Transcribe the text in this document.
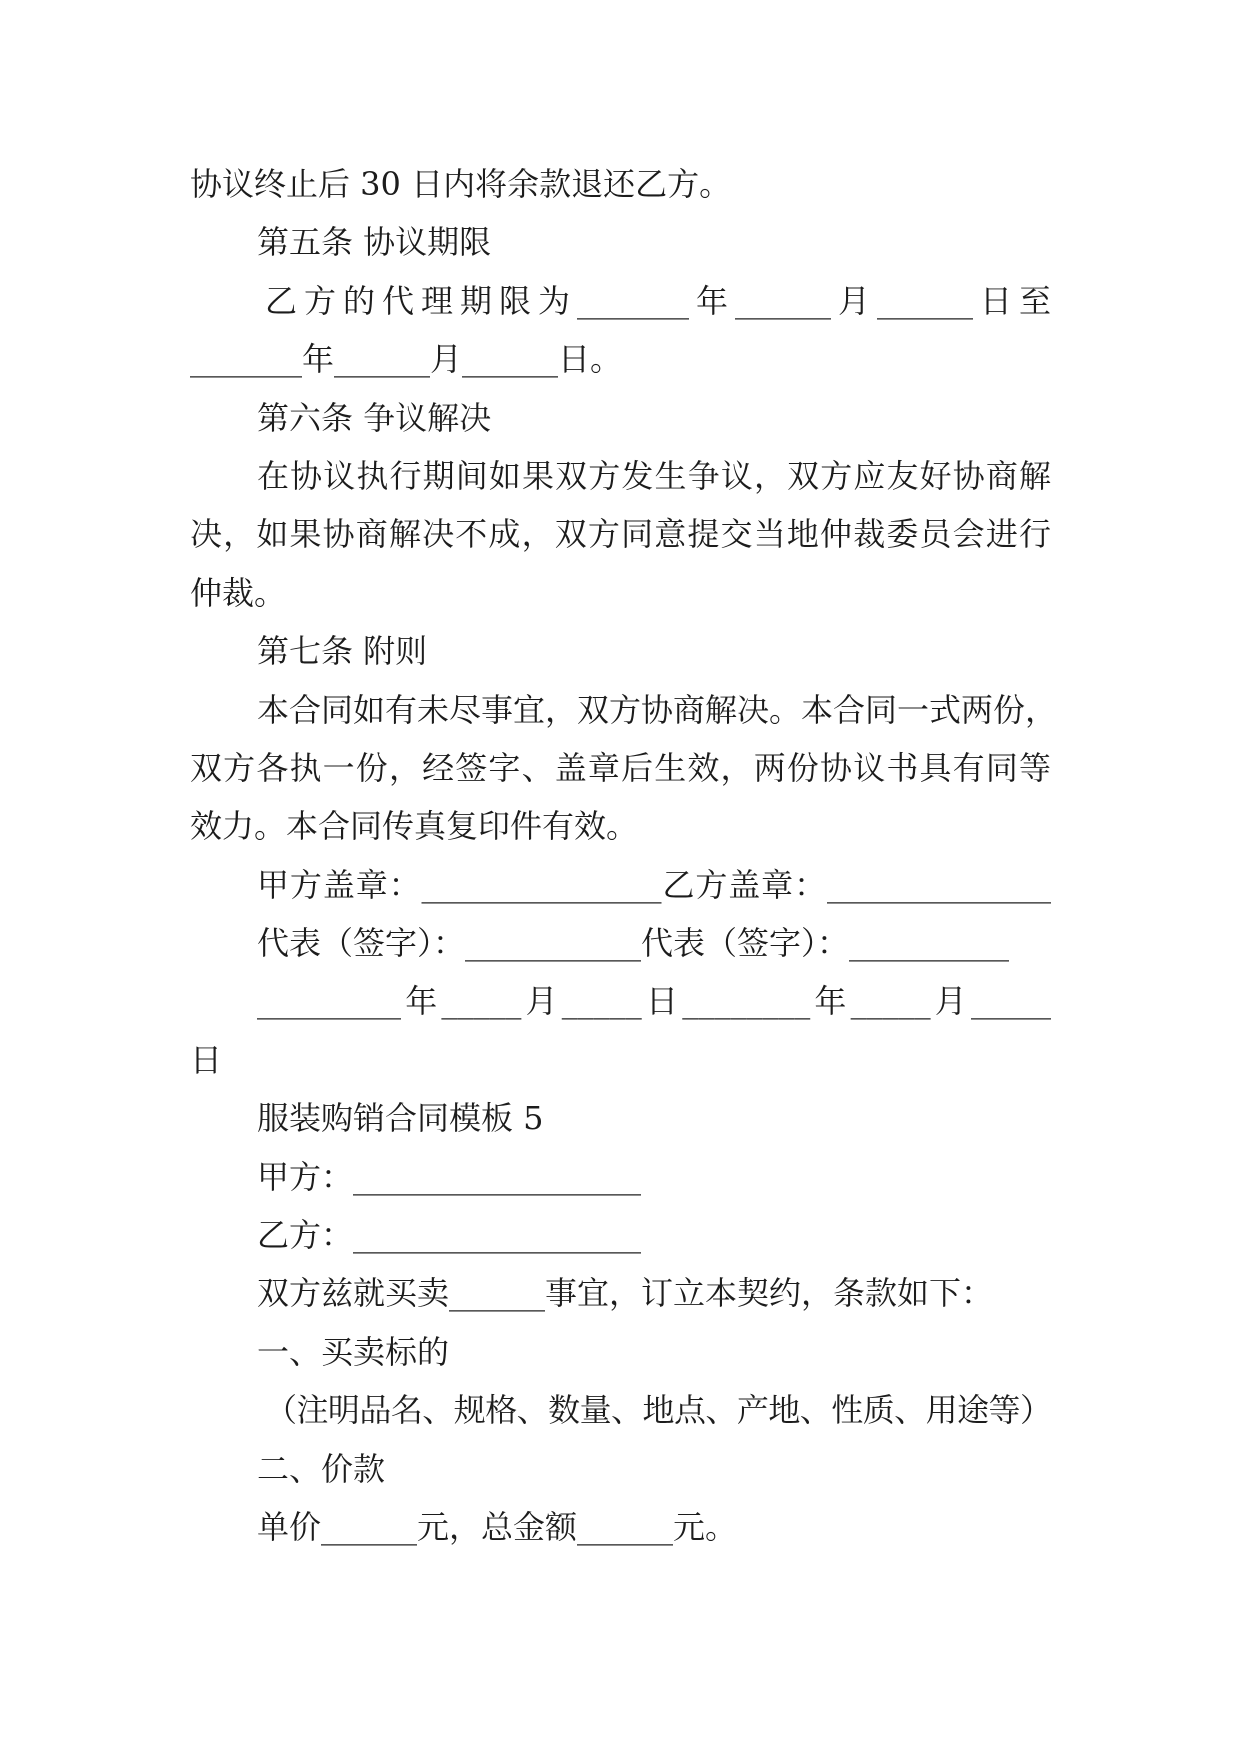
协议终止后 30 日内将余款退还乙方。
第五条 协议期限
乙方的代理期限为_______年______月______日至
_______年______月______日。
第六条 争议解决
在协议执行期间如果双方发生争议，双方应友好协商解
决，如果协商解决不成，双方同意提交当地仲裁委员会进行
仲裁。
第七条 附则
本合同如有未尽事宜，双方协商解决。本合同一式两份，
双方各执一份，经签字、盖章后生效，两份协议书具有同等
效力。本合同传真复印件有效。
甲方盖章：_______________乙方盖章：______________
代表（签字）：___________代表（签字）：__________
_________年_____月_____日________年_____月_____
日
服装购销合同模板 5
甲方：__________________
乙方：__________________
双方兹就买卖______事宜，订立本契约，条款如下：
一、买卖标的
（注明品名、规格、数量、地点、产地、性质、用途等）
二、价款
单价______元，总金额______元。
